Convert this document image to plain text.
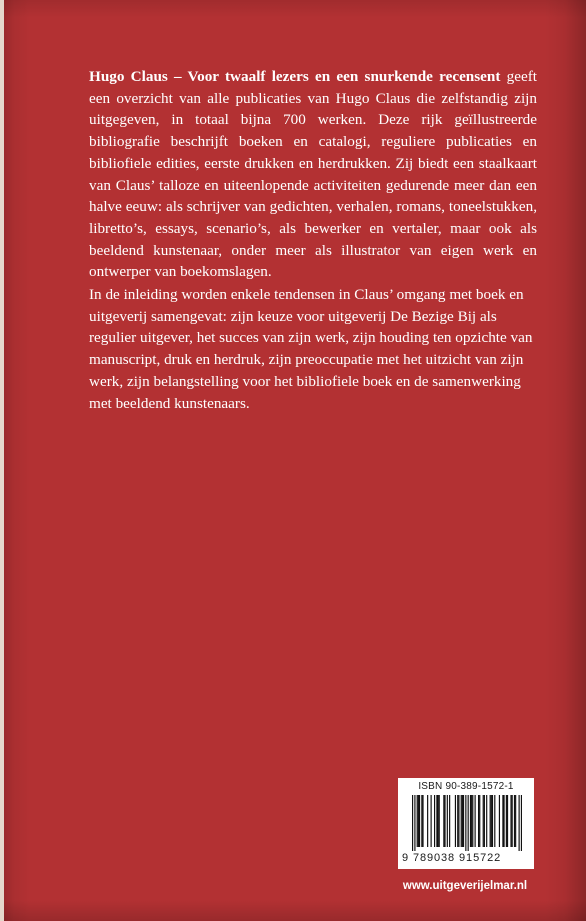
Hugo Claus – Voor twaalf lezers en een snurkende recensent geeft een overzicht van alle publicaties van Hugo Claus die zelfstandig zijn uitgegeven, in totaal bijna 700 werken. Deze rijk geïllustreerde bibliografie beschrijft boeken en catalogi, reguliere publicaties en bibliofiele edities, eerste drukken en herdrukken. Zij biedt een staalkaart van Claus’ talloze en uiteenlopende activiteiten gedurende meer dan een halve eeuw: als schrijver van gedichten, verhalen, romans, toneelstukken, libretto’s, essays, scenario’s, als bewerker en vertaler, maar ook als beeldend kunstenaar, onder meer als illustrator van eigen werk en ontwerper van boekomslagen.

In de inleiding worden enkele tendensen in Claus’ omgang met boek en uitgeverij samengevat: zijn keuze voor uitgeverij De Bezige Bij als regulier uitgever, het succes van zijn werk, zijn houding ten opzichte van manuscript, druk en herdruk, zijn preoccupatie met het uitzicht van zijn werk, zijn belangstelling voor het bibliofiele boek en de samenwerking met beeldend kunstenaars.

ISBN 90-389-1572-1
9 789038 915722
www.uitgeverijelmar.nl
